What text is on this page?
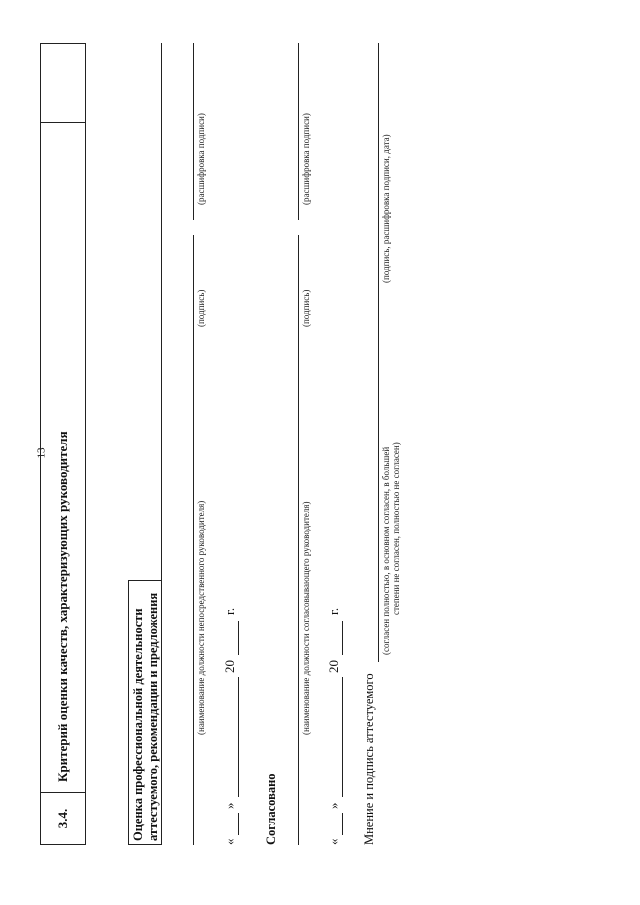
13
3.4.
Критерий оценки качеств, характеризующих руководителя	Оценка профессиональной деятельности аттестуемого, рекомендации и предложения	(наименование должности непосредственного руководителя)
(подпись)
(расшифровка подписи)
«
»
20
г.
Согласовано
(наименование должности согласовывающего руководителя)
(подпись)
(расшифровка подписи)
«
»
20
г.
Мнение и подпись аттестуемого
(согласен полностью, в основном согласен, в большей степени не согласен, полностью не согласен)
(подпись, расшифровка подписи, дата)
